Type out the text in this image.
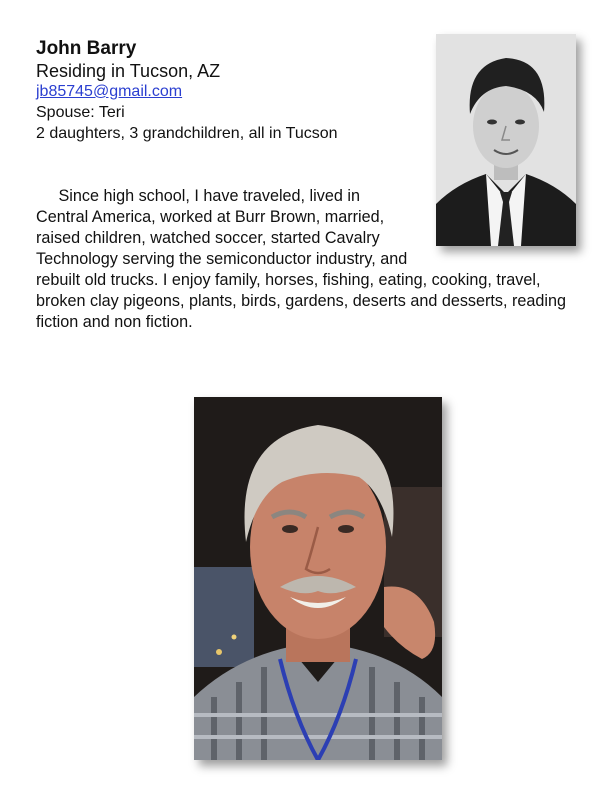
John Barry

Residing in Tucson, AZ

jb85745@gmail.com

Spouse: Teri

2 daughters, 3 grandchildren, all in Tucson

Since high school, I have traveled, lived in Central America, worked at Burr Brown, married, raised children, watched soccer, started Cavalry Technology serving the semiconductor industry, and rebuilt old trucks. I enjoy family, horses, fishing, eating, cooking, travel, broken clay pigeons, plants, birds, gardens, deserts and desserts, reading fiction and non fiction.
